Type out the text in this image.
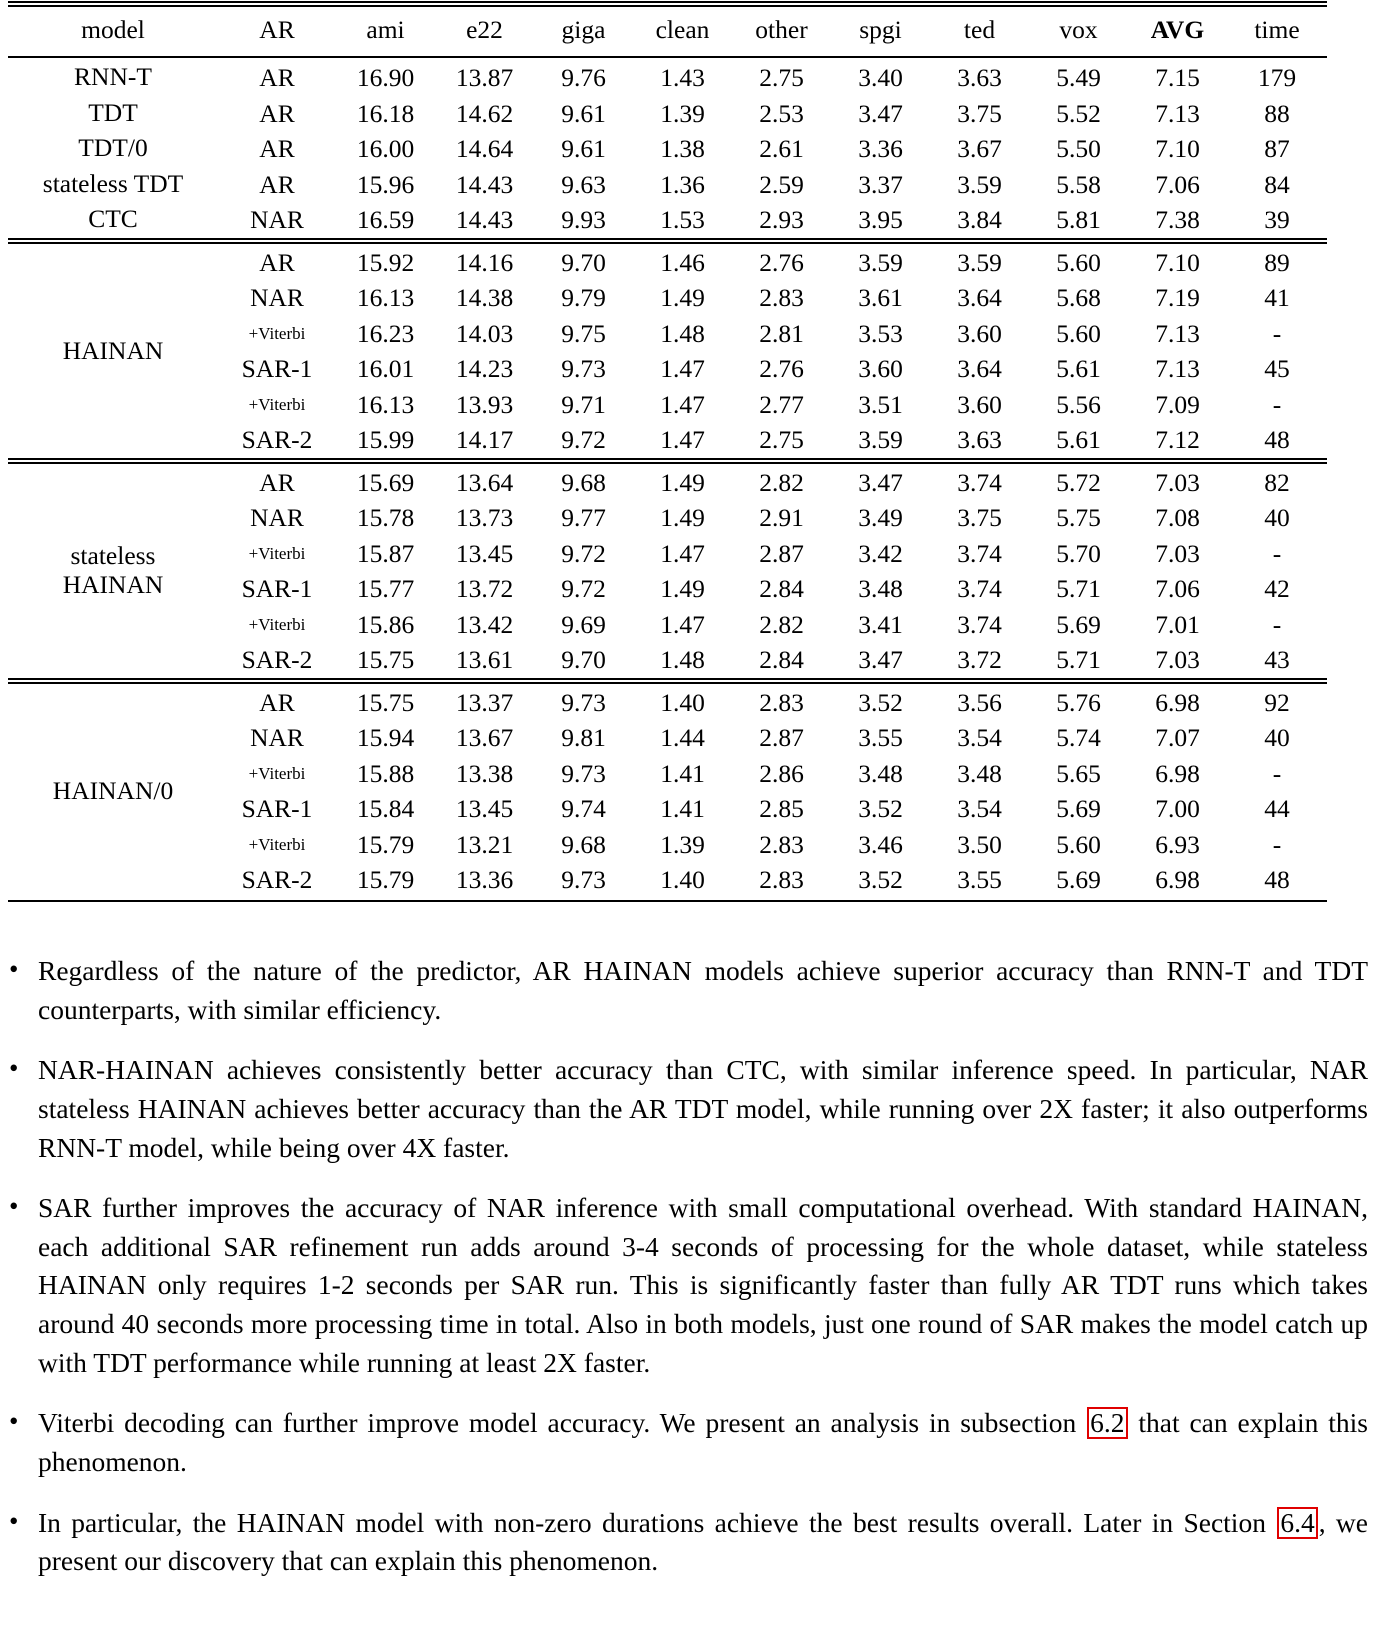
model	AR	ami	e22	giga	clean	other	spgi	ted	vox	AVG	time

RNN-T	AR	16.90	13.87	9.76	1.43	2.75	3.40	3.63	5.49	7.15	179
TDT	AR	16.18	14.62	9.61	1.39	2.53	3.47	3.75	5.52	7.13	88
TDT/0	AR	16.00	14.64	9.61	1.38	2.61	3.36	3.67	5.50	7.10	87
stateless TDT	AR	15.96	14.43	9.63	1.36	2.59	3.37	3.59	5.58	7.06	84
CTC	NAR	16.59	14.43	9.93	1.53	2.93	3.95	3.84	5.81	7.38	39

HAINAN	AR	15.92	14.16	9.70	1.46	2.76	3.59	3.59	5.60	7.10	89
	NAR	16.13	14.38	9.79	1.49	2.83	3.61	3.64	5.68	7.19	41
	+Viterbi	16.23	14.03	9.75	1.48	2.81	3.53	3.60	5.60	7.13	-
	SAR-1	16.01	14.23	9.73	1.47	2.76	3.60	3.64	5.61	7.13	45
	+Viterbi	16.13	13.93	9.71	1.47	2.77	3.51	3.60	5.56	7.09	-
	SAR-2	15.99	14.17	9.72	1.47	2.75	3.59	3.63	5.61	7.12	48

stateless
HAINAN	AR	15.69	13.64	9.68	1.49	2.82	3.47	3.74	5.72	7.03	82
	NAR	15.78	13.73	9.77	1.49	2.91	3.49	3.75	5.75	7.08	40
	+Viterbi	15.87	13.45	9.72	1.47	2.87	3.42	3.74	5.70	7.03	-
	SAR-1	15.77	13.72	9.72	1.49	2.84	3.48	3.74	5.71	7.06	42
	+Viterbi	15.86	13.42	9.69	1.47	2.82	3.41	3.74	5.69	7.01	-
	SAR-2	15.75	13.61	9.70	1.48	2.84	3.47	3.72	5.71	7.03	43

HAINAN/0	AR	15.75	13.37	9.73	1.40	2.83	3.52	3.56	5.76	6.98	92
	NAR	15.94	13.67	9.81	1.44	2.87	3.55	3.54	5.74	7.07	40
	+Viterbi	15.88	13.38	9.73	1.41	2.86	3.48	3.48	5.65	6.98	-
	SAR-1	15.84	13.45	9.74	1.41	2.85	3.52	3.54	5.69	7.00	44
	+Viterbi	15.79	13.21	9.68	1.39	2.83	3.46	3.50	5.60	6.93	-
	SAR-2	15.79	13.36	9.73	1.40	2.83	3.52	3.55	5.69	6.98	48

• Regardless of the nature of the predictor, AR HAINAN models achieve superior accuracy than RNN-T and TDT counterparts, with similar efficiency.
• NAR-HAINAN achieves consistently better accuracy than CTC, with similar inference speed. In particular, NAR stateless HAINAN achieves better accuracy than the AR TDT model, while running over 2X faster; it also outperforms RNN-T model, while being over 4X faster.
• SAR further improves the accuracy of NAR inference with small computational overhead. With standard HAINAN, each additional SAR refinement run adds around 3-4 seconds of processing for the whole dataset, while stateless HAINAN only requires 1-2 seconds per SAR run. This is significantly faster than fully AR TDT runs which takes around 40 seconds more processing time in total. Also in both models, just one round of SAR makes the model catch up with TDT performance while running at least 2X faster.
• Viterbi decoding can further improve model accuracy. We present an analysis in subsection 6.2 that can explain this phenomenon.
• In particular, the HAINAN model with non-zero durations achieve the best results overall. Later in Section 6.4 , we present our discovery that can explain this phenomenon.
